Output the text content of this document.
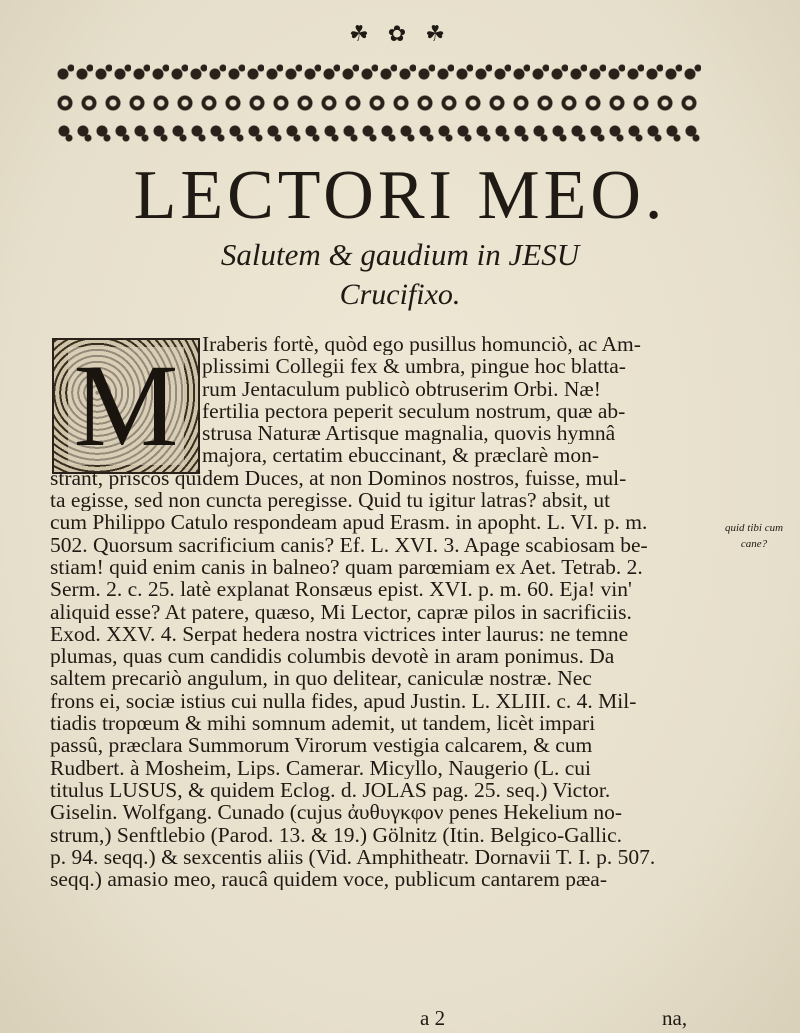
☘ ✿ ☘
LECTORI MEO.
Salutem & gaudium in JESU
Crucifixo.
M	Iraberis fortè, quòd ego pusillus homunciò, ac Am-
plissimi Collegii fex & umbra, pingue hoc blatta-
rum Jentaculum publicò obtruserim Orbi. Næ!
fertilia pectora peperit seculum nostrum, quæ ab-
strusa Naturæ Artisque magnalia, quovis hymnâ
majora, certatim ebuccinant, & præclarè mon-
strant, priscos quidem Duces, at non Dominos nostros, fuisse, mul-
ta egisse, sed non cuncta peregisse. Quid tu igitur latras? absit, ut
cum Philippo Catulo respondeam apud Erasm. in apopht. L. VI. p. m.
502. Quorsum sacrificium canis? Ef. L. XVI. 3. Apage scabiosam be-
stiam! quid enim canis in balneo? quam parœmiam ex Aet. Tetrab. 2.
Serm. 2. c. 25. latè explanat Ronsæus epist. XVI. p. m. 60. Eja! vin'
aliquid esse? At patere, quæso, Mi Lector, capræ pilos in sacrificiis.
Exod. XXV. 4. Serpat hedera nostra victrices inter laurus: ne temne
plumas, quas cum candidis columbis devotè in aram ponimus. Da
saltem precariò angulum, in quo delitear, caniculæ nostræ. Nec
frons ei, sociæ istius cui nulla fides, apud Justin. L. XLIII. c. 4. Mil-
tiadis tropœum & mihi somnum ademit, ut tandem, licèt impari
passû, præclara Summorum Virorum vestigia calcarem, & cum
Rudbert. à Mosheim, Lips. Camerar. Micyllo, Naugerio (L. cui
titulus LUSUS, & quidem Eclog. d. JOLAS pag. 25. seq.) Victor.
Giselin. Wolfgang. Cunado (cujus ἀυθυγκφον penes Hekelium no-
strum,) Senftlebio (Parod. 13. & 19.) Gölnitz (Itin. Belgico-Gallic.
p. 94. seqq.) & sexcentis aliis (Vid. Amphitheatr. Dornavii T. I. p. 507.
seqq.) amasio meo, raucâ quidem voce, publicum cantarem pæa-
quid tibi cum cane?
a 2	na,
